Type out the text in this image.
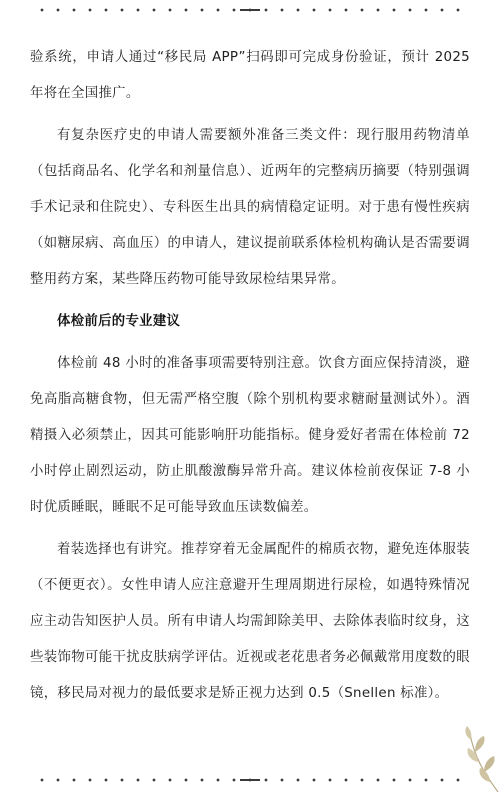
验系统，申请人通过“移民局 APP”扫码即可完成身份验证，预计 2025 年将在全国推广。

有复杂医疗史的申请人需要额外准备三类文件：现行服用药物清单（包括商品名、化学名和剂量信息）、近两年的完整病历摘要（特别强调手术记录和住院史）、专科医生出具的病情稳定证明。对于患有慢性疾病（如糖尿病、高血压）的申请人，建议提前联系体检机构确认是否需要调整用药方案，某些降压药物可能导致尿检结果异常。

体检前后的专业建议

体检前 48 小时的准备事项需要特别注意。饮食方面应保持清淡，避免高脂高糖食物，但无需严格空腹（除个别机构要求糖耐量测试外）。酒精摄入必须禁止，因其可能影响肝功能指标。健身爱好者需在体检前 72 小时停止剧烈运动，防止肌酸激酶异常升高。建议体检前夜保证 7-8 小时优质睡眠，睡眠不足可能导致血压读数偏差。

着装选择也有讲究。推荐穿着无金属配件的棉质衣物，避免连体服装（不便更衣）。女性申请人应注意避开生理周期进行尿检，如遇特殊情况应主动告知医护人员。所有申请人均需卸除美甲、去除体表临时纹身，这些装饰物可能干扰皮肤病学评估。近视或老花患者务必佩戴常用度数的眼镜，移民局对视力的最低要求是矫正视力达到 0.5（Snellen 标准）。
